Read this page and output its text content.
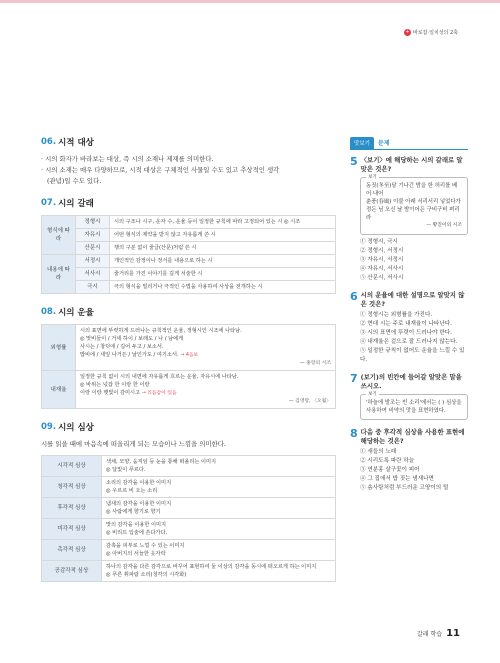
+ 바로잡·일치성의 2축
06. 시적 대상
· 시의 화자가 바라보는 대상, 즉 시의 소재나 제재를 의미한다.
· 시의 소재는 매우 다양하므로, 시적 대상은 구체적인 사물일 수도 있고 추상적인 생각
(관념)일 수도 있다.
07. 시의 갈래
형식에 따라	정형시	시의 구조나 시구, 운자 수, 운율 등이 일정한 규칙에 따라 고정되어 있는 시 ◎ 시조
	자유시	어떤 형식의 제약을 받지 않고 자유롭게 쓴 시
	산문시	행의 구분 없이 줄글(산문)처럼 쓴 시
내용에 따라	서정시	개인적인 감정이나 정서를 내용으로 하는 시
	서사시	줄거리를 가진 이야기를 길게 서술한 시
	극시	극의 형식을 빌리거나 극적인 수법을 사용하여 사상을 전개하는 시
08. 시의 운율
외형률	시의 표면에 뚜렷하게 드러나는 규칙적인 운율, 정형시인 시조에 나타남.
◎ 맛비들이 / 거세 하이 / 보래도 / 나 / 남에게
사시는 / 창딧에 / 길어 두고 / 보소서.
밥비에 / 새잎 나거든 / 날인가도 / 여기소서. → 4음보
— 홍랑의 시조

내재율	일정한 규칙 없이 시의 내면에 자유롭게 흐르는 운율, 자유시에 나타남.
◎ 바위는 넋잡 한 이랑 한 이랑
이랑 이랑 햇빛이 감미시고 → 리듬감이 있음
— 김영랑, 〈오월〉
09. 시의 심상
시를 읽을 때에 마음속에 떠올리게 되는 모습이나 느낌을 의미한다.
시각적 심상	색채, 모양, 움직임 등 눈을 통해 떠올리는 이미지
◎ 달빛이 푸르다.

청각적 심상	소리의 감각을 이용한 이미지
◎ 우르르 비 오는 소리

후각적 심상	냄새의 감각을 이용한 이미지
◎ 사람에게 향기로 향기

미각적 심상	맛의 감각을 이용한 이미지
◎ 비리뜨 입술에 쓴다가다.

촉각적 심상	감촉을 피부로 느낄 수 있는 이미지
◎ 아버지의 서늘한 옷자락

공감각적 심상	하나의 감각을 다른 감각으로 바꾸어 표현하여 둘 이상의 감각을 동시에 떠오르게 하는 이미지
◎ 푸른 휘파람 소리(청각의 시각화)
맛보기	문제
5 〈보기〉에 해당하는 시의 갈래로 알맞은 것은?
보기
동짓(冬至)달 기나긴 밤을 한 허리를 베어 내어
춘풍(春風) 이불 아래 서리서리 넣었다가
정든 님 오신 날 밤이어든 구비구비 펴리라
— 황진이의 시조
① 정형시, 극시
② 정형시, 서정시
③ 자유시, 서정시
④ 자유시, 서사시
⑤ 산문시, 서사시
6 시의 운율에 대한 설명으로 알맞지 않은 것은?
① 정형시는 외형률을 가진다.
② 현대 시는 주로 내재율이 나타난다.
③ 시의 표면에 뚜렷이 드러나야 한다.
④ 내재율은 겉으로 잘 드러나지 않는다.
⑤ 일정한 규칙이 없어도 운율을 느낄 수 있다.
7 (보기)의 빈칸에 들어갈 알맞은 말을 쓰시오.
보기
'하늘에 발조는 빈 소리'에서는 ( ) 심상을 사용하여 비약의 맛을 표현하였다.
8 다음 중 후각적 심상을 사용한 표현에 해당하는 것은?
① 새들의 노래
② 시리도록 파란 하늘
③ 연분홍 살구꽃이 피어
④ 그 집에서 밥 짓는 냄새나면
⑤ 솜사탕처럼 부드러운 고양이의 털
갈래 학습 11
